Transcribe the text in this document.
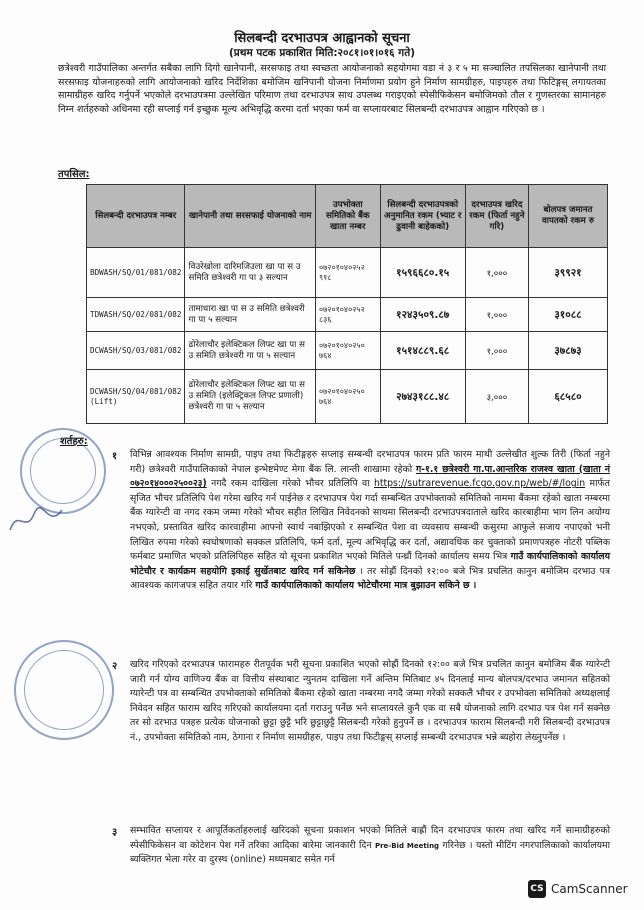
सिलबन्दी दरभाउपत्र आह्वानको सूचना
(प्रथम पटक प्रकाशित मिति:२०८१।०१।०१६ गते)
छत्रेश्वरी गाउँपालिका अन्तर्गत सबैका लागि दिगो खानेपानी, सरसफाइ तथा स्वच्छता आयोजनाको सहयोगमा वडा नं ३ र ५ मा सञ्चालित तपसिलका खानेपानी तथा सरसफाइ योजनाहरुको लागि आयोजनाको खरिद निर्देशिका बमोजिम खनिपानी योजना निर्माणमा प्रयोग हुने निर्माण सामग्रीहरु, पाइपहरु तथा फिटिङ्गस् लगायतका सामाग्रीहरु खरिद गर्नुपर्ने भएकोले दरभाउपत्रमा उल्लेखित परिमाण तथा दरभाउपत्र साथ उपलब्ध गराइएको स्पेसीफिकेसन बमोजिमको तौल र गुणस्तरका सामानहरु निम्न शर्तहरुको अधिनमा रही सप्लाई गर्न इच्छुक मूल्य अभिवृद्धि करमा दर्ता भएका फर्म वा सप्लायरबाट सिलबन्दी दरभाउपत्र आह्वान गरिएको छ ।
तपसिल:
सिलबन्दी दरभाउपत्र नम्बर	खानेपानी तथा सरसफाई योजनाको नाम	उपभोक्ता समितिको बैंक खाता नम्बर	सिलबन्दी दरभाउपत्रको अनुमानित रकम (भ्याट र ढुवानी बाहेकको)	दरभाउपत्र खरिद रकम (फिर्ता नहुने गरि)	बोलपत्र जमानत वापतको रकम रु
BDWASH/SQ/01/081/082	विउरेखोला दारिमजिउला खा पा स उ समिति छत्रेश्वरी गा पा ३ सल्यान	०७२०१०४०२५२ ९१८	१५९६६८०.१५	१,०००	३९९२१
TDWASH/SQ/02/081/082	तामाधारा खा पा स उ समिति छत्रेश्वरी गा पा ५ सल्यान	०७२०१०४०२५२ ८३६	१२४३५०९.८७	१,०००	३१०८८
DCWASH/SQ/03/081/082	ढोरेलाचौर इलेक्टिकल लिफ्ट खा पा स उ समिति छत्रेश्वरी गा पा ५ सल्यान	०७२०१०४०२५० ७६४	१५१४८८९.६८	१,०००	३७८७३
DCWASH/SQ/04/081/082 (Lift)	ढोरेलाचौर इलेक्टिकल लिफ्ट खा पा स उ समिति (इलेक्ट्रिकल लिफ्ट प्रणाली) छत्रेश्वरी गा पा ५ सल्यान	०७२०१०४०२५० ७६४	२७४३१८८.४८	३,०००	६८५८०
शर्तहरु:
१ विभिन्न आवश्यक निर्माण सामग्री, पाइप तथा फिटीङ्गहरु सप्लाइ सम्बन्धी दरभाउपत्र फारम प्रति फारम माथी उल्लेखीत शुल्क तिरी (फिर्ता नहुने गरी) छत्रेश्वरी गाउँपालिकाको नेपाल इन्भेष्टमेण्ट मेगा बैंक लि. लान्ती शाखामा रहेको ग-१.१ छत्रेश्वरी गा.पा.आन्तरिक राजश्व खाता (खाता नं ०७२०१४०००२५००२३) नगदै रकम दाखिला गरेको भौचर प्रतिलिपि वा https://sutrarevenue.fcgo.gov.np/web/#/login मार्फत सृजित भौचर प्रतिलिपि पेश गरेमा खरिद गर्न पाईनेछ र दरभाउपत्र पेश गर्दा सम्बन्धित उपभोक्ताको समितिको नाममा बैंकमा रहेको खाता नम्बरमा बैंक ग्यारेन्टी वा नगद रकम जम्मा गरेको भौचर सहीत लिखित निवेदनको साथमा सिलबन्दी दरभाउपत्रदाताले खरिद कारबाहीमा भाग लिन अयोग्य नभएको, प्रस्तावित खरिद कारवाहीमा आफ्नो स्वार्थ नबाझिएको र सम्बन्धित पेशा वा व्यवसाय सम्बन्धी कसुरमा आफुले सजाय नपाएको भनी लिखित रुपमा गरेको स्वघोषणाको सक्कल प्रतिलिपि, फर्म दर्ता, मूल्य अभिवृद्धि कर दर्ता, अद्यावधिक कर चुक्ताको प्रमाणपत्रहरु नोटरी पब्लिक फर्मबाट प्रमाणित भएको प्रतिलिपिहरु सहित यो सूचना प्रकाशित भएको मितिले पन्ध्रौं दिनको कार्यालय समय भित्र गाउँ कार्यपालिकाको कार्यालय भोटेचौर र कार्यक्रम सहयोगि इकाई सुर्खेतबाट खरिद गर्न सकिनेछ । तर सोह्रौं दिनको १२:०० बजे भित्र प्रचलित कानुन बमोजिम दरभाउ पत्र आवश्यक कागजपत्र सहित तयार गरि गाउँ कार्यपालिकाको कार्यालय भोटेचौरमा मात्र बुझाउन सकिने छ ।
२ खरिद गरिएको दरभाउपत्र फारामहरु रीतपूर्वक भरी सूचना प्रकाशित भएको सोह्रौं दिनको १२:०० बजे भित्र प्रचलित कानुन बमोजिम बैंक ग्यारेन्टी जारी गर्न योग्य वाणिज्य बैंक वा वित्तीय संस्थाबाट न्युनतम दाखिला गर्ने अन्तिम मितिबाट ४५ दिनलाई मान्य बोलपत्र/दरभाउ जमानत सहितको ग्यारेन्टी पत्र वा सम्बन्धित उपभोक्ताको समितिको बैंकमा रहेको खाता नम्बरमा नगदै जम्मा गरेको सक्कलै भौचर र उपभोक्ता समितिको अध्यक्षलाई निवेदन सहित फाराम खरिद गरिएको कार्यालयमा दर्ता गराउनु पर्नेछ भने सप्लायरले कुनै एक वा सबै योजनाको लागि दरभाउ पत्र पेश गर्न सक्नेछ तर सो दरभाउ पत्रहरु प्रत्येक योजनाको छुट्टा छुट्टै भरि छुट्टाछुट्टै सिलबन्दी गरेको हुनुपर्ने छ । दरभाउपत्र फाराम सिलबन्दी गरी सिलबन्दी दरभाउपत्र नं., उपभोक्ता समितिको नाम, ठेगाना र निर्माण सामग्रीहरु, पाइप तथा फिटीङ्गस् सप्लाई सम्बन्धी दरभाउपत्र भन्ने ब्यहोरा लेख्नुपर्नेछ ।
३ सम्भावित सप्लायर र आपूर्तिकर्ताहरुलाई खरिदको सूचना प्रकाशन भएको मितिले बाह्रौं दिन दरभाउपत्र फारम तथा खरिद गर्ने सामाग्रीहरुको स्पेसीफिकेसन वा कोटेशन पेश गर्ने तरिका आदिका बारेमा जानकारी दिन Pre-Bid Meeting गरिनेछ । यस्तो मीटिंग नगरपालिकाको कार्यालयमा ब्यक्तिगत भेला गरेर वा दुरस्थ (online) मध्यमबाट समेत गर्न
CS CamScanner
